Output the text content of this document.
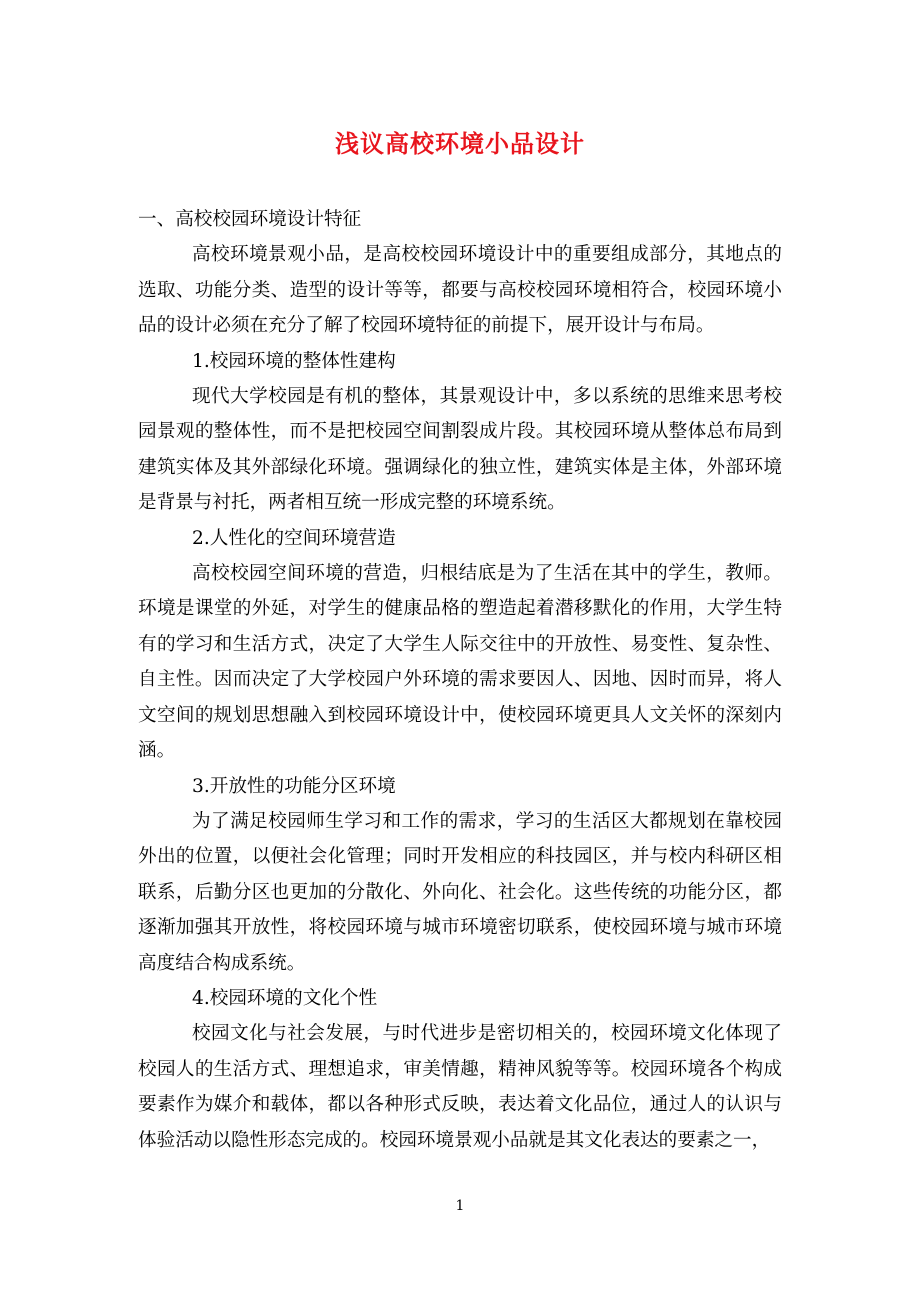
浅议高校环境小品设计

一、高校校园环境设计特征

高校环境景观小品，是高校校园环境设计中的重要组成部分，其地点的选取、功能分类、造型的设计等等，都要与高校校园环境相符合，校园环境小品的设计必须在充分了解了校园环境特征的前提下，展开设计与布局。

1.校园环境的整体性建构

现代大学校园是有机的整体，其景观设计中，多以系统的思维来思考校园景观的整体性，而不是把校园空间割裂成片段。其校园环境从整体总布局到建筑实体及其外部绿化环境。强调绿化的独立性，建筑实体是主体，外部环境是背景与衬托，两者相互统一形成完整的环境系统。

2.人性化的空间环境营造

高校校园空间环境的营造，归根结底是为了生活在其中的学生，教师。环境是课堂的外延，对学生的健康品格的塑造起着潜移默化的作用，大学生特有的学习和生活方式，决定了大学生人际交往中的开放性、易变性、复杂性、自主性。因而决定了大学校园户外环境的需求要因人、因地、因时而异，将人文空间的规划思想融入到校园环境设计中，使校园环境更具人文关怀的深刻内涵。

3.开放性的功能分区环境

为了满足校园师生学习和工作的需求，学习的生活区大都规划在靠校园外出的位置，以便社会化管理；同时开发相应的科技园区，并与校内科研区相联系，后勤分区也更加的分散化、外向化、社会化。这些传统的功能分区，都逐渐加强其开放性，将校园环境与城市环境密切联系，使校园环境与城市环境高度结合构成系统。

4.校园环境的文化个性

校园文化与社会发展，与时代进步是密切相关的，校园环境文化体现了校园人的生活方式、理想追求，审美情趣，精神风貌等等。校园环境各个构成要素作为媒介和载体，都以各种形式反映，表达着文化品位，通过人的认识与体验活动以隐性形态完成的。校园环境景观小品就是其文化表达的要素之一，

1
